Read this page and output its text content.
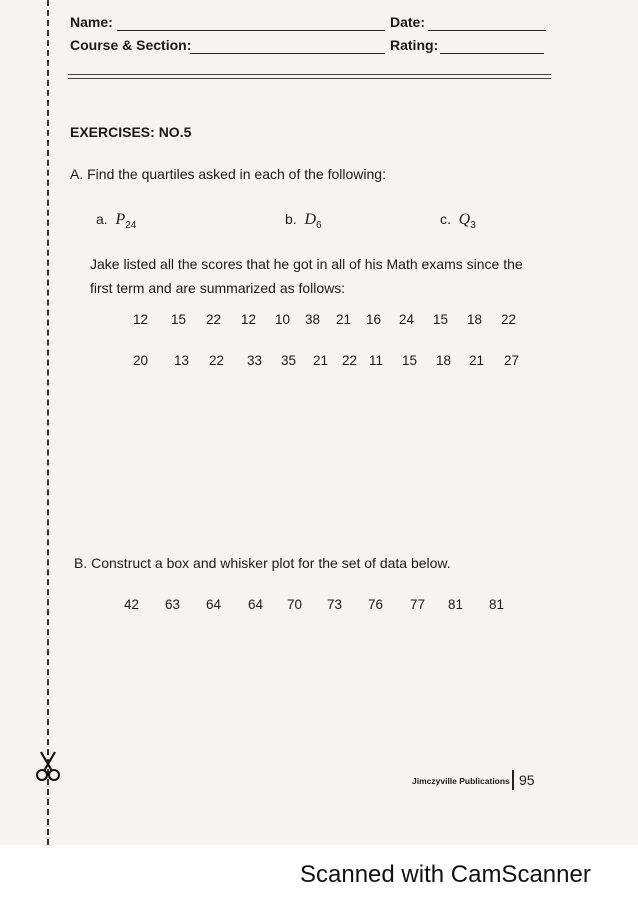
Name:	Date:
Course & Section:	Rating:
EXERCISES: NO.5
A. Find the quartiles asked in each of the following:
a. $P_{24}$	b. $D_6$	c. $Q_3$
Jake listed all the scores that he got in all of his Math exams since the
first term and are summarized as follows:
12 15 22 12 10 38 21 16 24 15 18 22
20 13 22 33 35 21 22 11 15 18 21 27
B. Construct a box and whisker plot for the set of data below.
42 63 64 64 70 73 76 77 81 81
Jimczyville Publications 95
Scanned with CamScanner
